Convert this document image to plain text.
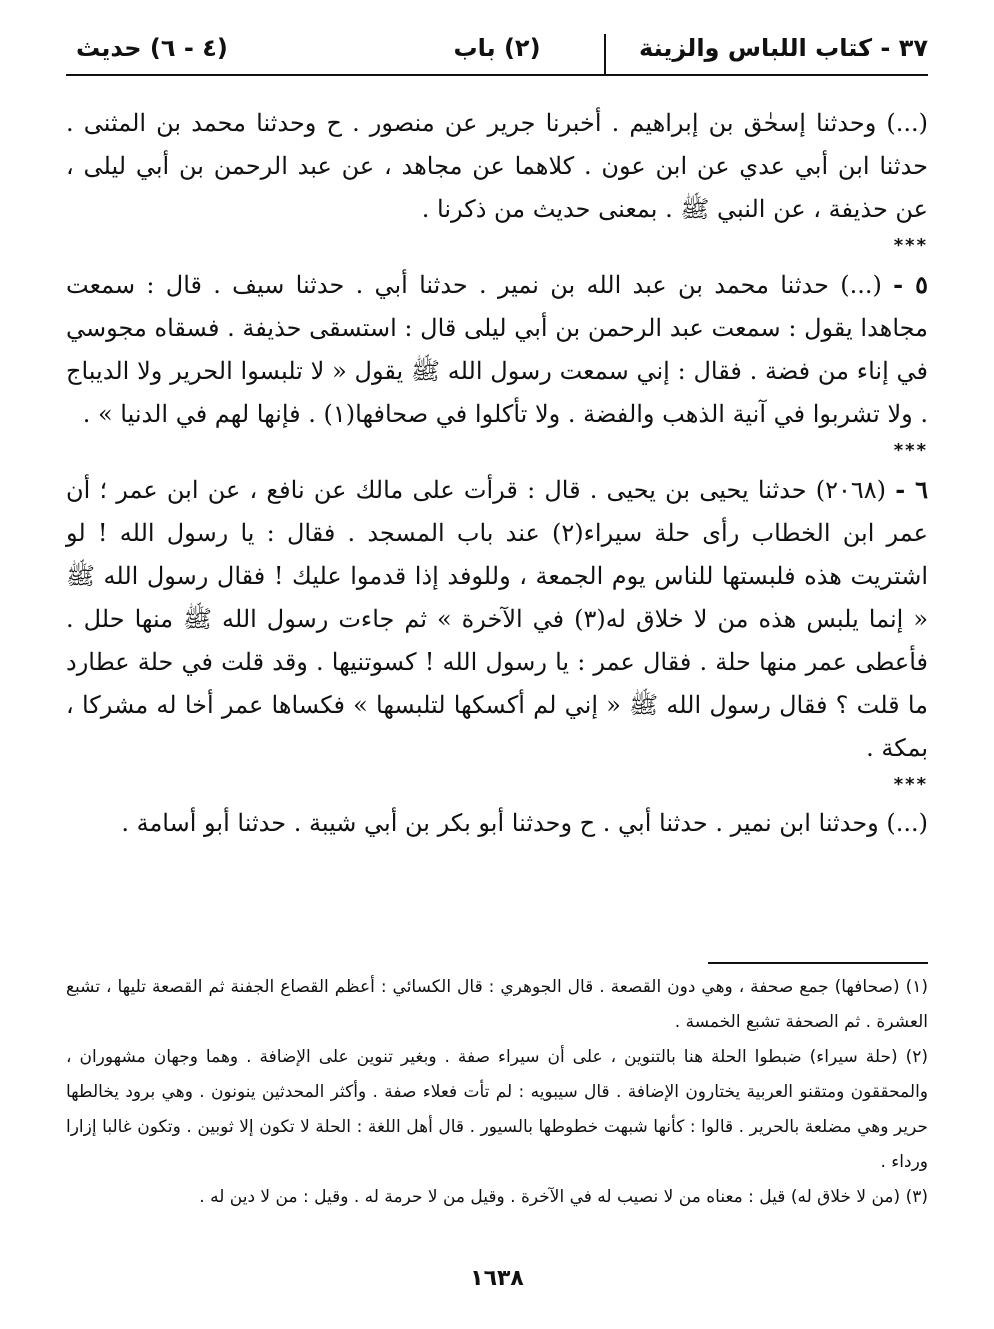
٣٧ - كتاب اللباس والزينة
(٢) باب
(٤ - ٦) حديث

(...) وحدثنا إسحٰق بن إبراهيم . أخبرنا جرير عن منصور . ح وحدثنا محمد بن المثنى . حدثنا ابن أبي عدي عن ابن عون . كلاهما عن مجاهد ، عن عبد الرحمن بن أبي ليلى ، عن حذيفة ، عن النبي ﷺ . بمعنى حديث من ذكرنا .

***

٥ - (...) حدثنا محمد بن عبد الله بن نمير . حدثنا أبي . حدثنا سيف . قال : سمعت مجاهدا يقول : سمعت عبد الرحمن بن أبي ليلى قال : استسقى حذيفة . فسقاه مجوسي في إناء من فضة . فقال : إني سمعت رسول الله ﷺ يقول « لا تلبسوا الحرير ولا الديباج . ولا تشربوا في آنية الذهب والفضة . ولا تأكلوا في صحافها(١) . فإنها لهم في الدنيا » .

***

٦ - (٢٠٦٨) حدثنا يحيى بن يحيى . قال : قرأت على مالك عن نافع ، عن ابن عمر ؛ أن عمر ابن الخطاب رأى حلة سيراء(٢) عند باب المسجد . فقال : يا رسول الله ! لو اشتريت هذه فلبستها للناس يوم الجمعة ، وللوفد إذا قدموا عليك ! فقال رسول الله ﷺ « إنما يلبس هذه من لا خلاق له(٣) في الآخرة » ثم جاءت رسول الله ﷺ منها حلل . فأعطى عمر منها حلة . فقال عمر : يا رسول الله ! كسوتنيها . وقد قلت في حلة عطارد ما قلت ؟ فقال رسول الله ﷺ « إني لم أكسكها لتلبسها » فكساها عمر أخا له مشركا ، بمكة .

***

(...) وحدثنا ابن نمير . حدثنا أبي . ح وحدثنا أبو بكر بن أبي شيبة . حدثنا أبو أسامة .

(١) (صحافها) جمع صحفة ، وهي دون القصعة . قال الجوهري : قال الكسائي : أعظم القصاع الجفنة ثم القصعة تليها ، تشبع العشرة . ثم الصحفة تشبع الخمسة .

(٢) (حلة سيراء) ضبطوا الحلة هنا بالتنوين ، على أن سيراء صفة . وبغير تنوين على الإضافة . وهما وجهان مشهوران ، والمحققون ومتقنو العربية يختارون الإضافة . قال سيبويه : لم تأت فعلاء صفة . وأكثر المحدثين ينونون . وهي برود يخالطها حرير وهي مضلعة بالحرير . قالوا : كأنها شبهت خطوطها بالسيور . قال أهل اللغة : الحلة لا تكون إلا ثوبين . وتكون غالبا إزارا ورداء .

(٣) (من لا خلاق له) قيل : معناه من لا نصيب له في الآخرة . وقيل من لا حرمة له . وقيل : من لا دين له .

١٦٣٨
